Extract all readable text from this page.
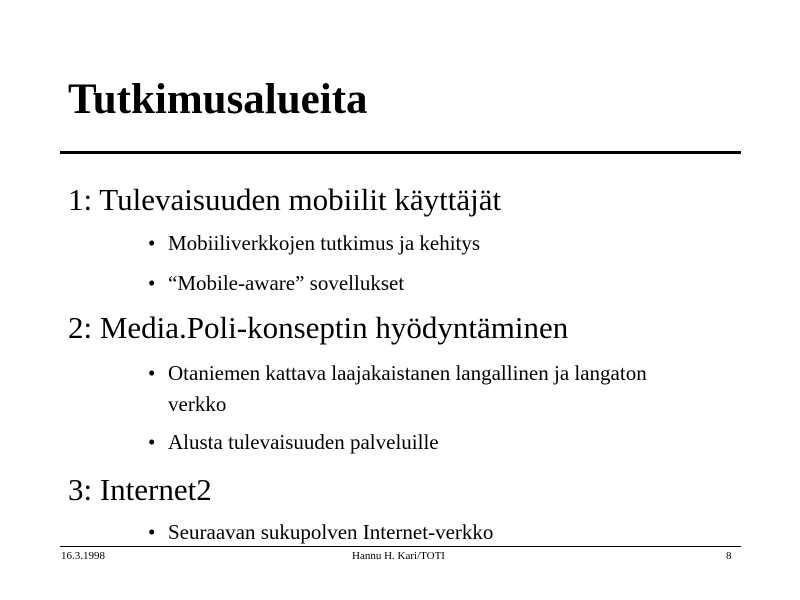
Tutkimusalueita
1: Tulevaisuuden mobiilit käyttäjät
• Mobiiliverkkojen tutkimus ja kehitys
• “Mobile-aware” sovellukset
2: Media.Poli-konseptin hyödyntäminen
• Otaniemen kattava laajakaistanen langallinen ja langaton verkko
• Alusta tulevaisuuden palveluille
3: Internet2
• Seuraavan sukupolven Internet-verkko
16.3.1998	Hannu H. Kari/TOTI	8
